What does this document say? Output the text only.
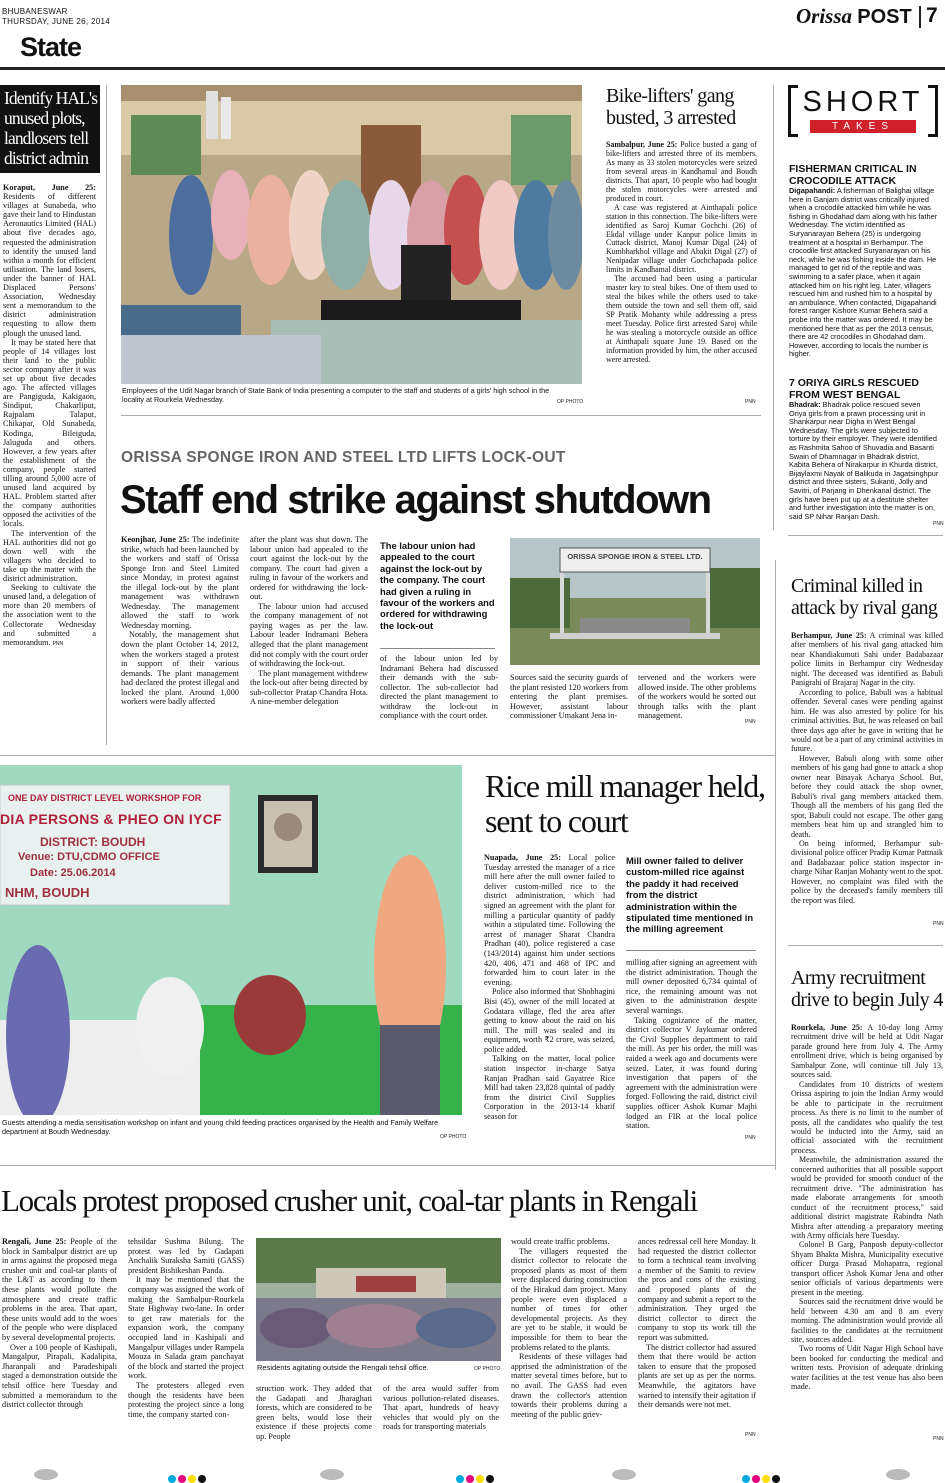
BHUBANESWAR
THURSDAY, JUNE 26, 2014
State
Orissa POST 7
Identify HAL's unused plots, landlosers tell district admin

Koraput, June 25: Residents of different villages at Sunabeda, who gave their land to Hindustan Aeronautics Limited (HAL) about five decades ago, requested the administration to identify the unused land within a month for efficient utilisation. The land losers, under the banner of HAL Displaced Persons' Association, Wednesday sent a memorandum to the district administration requesting to allow them plough the unused land.

It may be stated here that people of 14 villages lost their land to the public sector company after it was set up about five decades ago. The affected villages are Pangiguda, Kakigaon, Sindiput, Chakarliput, Rajpalam Talaput, Chikapar, Old Sunabeda, Kodinga, Bileiguda, Jaluguda and others. However, a few years after the establishment of the company, people started tilling around 5,000 acre of unused land acquired by HAL. Problem started after the company authorities opposed the activities of the locals.

The intervention of the HAL authorities did not go down well with the villagers who decided to take up the matter with the district administration.

Seeking to cultivate the unused land, a delegation of more than 20 members of the association went to the Collectorate Wednesday and submitted a memorandum. PNN

Employees of the Udit Nagar branch of State Bank of India presenting a computer to the staff and students of a girls' high school in the locality at Rourkela Wednesday.	OP PHOTO
Bike-lifters' gang busted, 3 arrested

Sambalpur, June 25: Police busted a gang of bike-lifters and arrested three of its members. As many as 33 stolen motorcycles were seized from several areas in Kandhamal and Boudh districts. That apart, 10 people who had bought the stolen motorcycles were arrested and produced in court.

A case was registered at Ainthapali police station in this connection. The bike-lifters were identified as Saroj Kumar Gochchi (26) of Ekdal village under Kanpur police limits in Cuttack district, Manoj Kumar Digal (24) of Kumbharkhol village and Abakit Digal (27) of Nenipadar village under Gochchapada police limits in Kandhamal district.

The accused had been using a particular master key to steal bikes. One of them used to steal the bikes while the others used to take them outside the town and sell them off, said SP Pratik Mohanty while addressing a press meet Tuesday. Police first arrested Saroj while he was stealing a motorcycle outside an office at Ainthapali square June 19. Based on the information provided by him, the other accused were arrested.

PNN
SHORT
TAKES
FISHERMAN CRITICAL IN CROCODILE ATTACK
Digapahandi: A fisherman of Balighai village here in Ganjam district was critically injured when a crocodile attacked him while he was fishing in Ghodahad dam along with his father Wednesday. The victim identified as Suryanarayan Behera (25) is undergoing treatment at a hospital in Berhampur. The crocodile first attacked Suryanarayan on his neck, while he was fishing inside the dam. He managed to get rid of the reptile and was swimming to a safer place, when it again attacked him on his right leg. Later, villagers rescued him and rushed him to a hospital by an ambulance. When contacted, Digapahandi forest ranger Kishore Kumar Behera said a probe into the matter was ordered. It may be mentioned here that as per the 2013 census, there are 42 crocodiles in Ghodahad dam. However, according to locals the number is higher.
7 ORIYA GIRLS RESCUED FROM WEST BENGAL
Bhadrak: Bhadrak police rescued seven Oriya girls from a prawn processing unit in Shankarpur near Digha in West Bengal Wednesday. The girls were subjected to torture by their employer. They were identified as Rashmita Sahoo of Shuvadia and Basanti Swain of Dhamnagar in Bhadrak district, Kabita Behera of Nirakarpur in Khurda district, Bijaylaxmi Nayak of Balikuda in Jagatsinghpur district and three sisters, Sukanti, Jolly and Savitri, of Parjang in Dhenkanal district. The girls have been put up at a destitute shelter and further investigation into the matter is on, said SP Nihar Ranjan Dash.
PNN
ORISSA SPONGE IRON AND STEEL LTD LIFTS LOCK-OUT
Staff end strike against shutdown

Keonjhar, June 25: The indefinite strike, which had been launched by the workers and staff of Orissa Sponge Iron and Steel Limited since Monday, in protest against the illegal lock-out by the plant management was withdrawn Wednesday. The management allowed the staff to work Wednesday morning.

Notably, the management shut down the plant October 14, 2012, when the workers staged a protest in support of their various demands. The plant management had declared the protest illegal and locked the plant. Around 1,000 workers were badly affected

after the plant was shut down. The labour union had appealed to the court against the lock-out by the company. The court had given a ruling in favour of the workers and ordered for withdrawing the lock-out.

The labour union had accused the company management of not paying wages as per the law. Labour leader Indramani Behera alleged that the plant management did not comply with the court order of withdrawing the lock-out.

The plant management withdrew the lock-out after being directed by sub-collector Pratap Chandra Hota. A nine-member delegation

The labour union had appealed to the court against the lock-out by the company. The court had given a ruling in favour of the workers and ordered for withdrawing the lock-out

of the labour union led by Indramani Behera had discussed their demands with the sub-collector. The sub-collector had directed the plant management to withdraw the lock-out in compliance with the court order.

ORISSA SPONGE IRON & STEEL LTD.

Sources said the security guards of the plant resisted 120 workers from entering the plant premises. However, assistant labour commissioner Umakant Jena in-

tervened and the workers were allowed inside. The other problems of the workers would be sorted out through talks with the plant management.

PNN
Criminal killed in attack by rival gang

Berhampur, June 25: A criminal was killed after members of his rival gang attacked him near Khandiakumuti Sahi under Badabazaar police limits in Berhampur city Wednesday night. The deceased was identified as Babuli Panigrahi of Brajaraj Nagar in the city.

According to police, Babuli was a habitual offender. Several cases were pending against him. He was also arrested by police for his criminal activities. But, he was released on bail three days ago after he gave in writing that he would not be a part of any criminal activities in future.

However, Babuli along with some other members of his gang had gone to attack a shop owner near Binayak Acharya School. But, before they could attack the shop owner, Babuli's rival gang members attacked them. Though all the members of his gang fled the spot, Babuli could not escape. The other gang members beat him up and strangled him to death.

On being informed, Berhampur sub-divisional police officer Pradip Kumar Pattnaik and Badabazaar police station inspector in-charge Nihar Ranjan Mohanty went to the spot. However, no complaint was filed with the police by the deceased's family members till the report was filed.

PNN
ONE DAY DISTRICT LEVEL WORKSHOP FOR
DIA PERSONS & PHEO ON IYCF
DISTRICT: BOUDH
Venue: DTU,CDMO OFFICE
Date: 25.06.2014
NHM, BOUDH
Guests attending a media sensitisation workshop on infant and young child feeding practices organised by the Health and Family Welfare department at Boudh Wednesday.
OP PHOTO
Rice mill manager held, sent to court

Nuapada, June 25: Local police Tuesday arrested the manager of a rice mill here after the mill owner failed to deliver custom-milled rice to the district administration, which had signed an agreement with the plant for milling a particular quantity of paddy within a stipulated time. Following the arrest of manager Sharat Chandra Pradhan (40), police registered a case (143/2014) against him under sections 420, 406, 471 and 468 of IPC and forwarded him to court later in the evening.

Police also informed that Shobhagini Bisi (45), owner of the mill located at Godatara village, fled the area after getting to know about the raid on his mill. The mill was sealed and its equipment, worth ₹2 crore, was seized, police added.

Talking on the matter, local police station inspector in-charge Satya Ranjan Pradhan said Gayatree Rice Mill had taken 23,828 quintal of paddy from the district Civil Supplies Corporation in the 2013-14 kharif season for

Mill owner failed to deliver custom-milled rice against the paddy it had received from the district administration within the stipulated time mentioned in the milling agreement

milling after signing an agreement with the district administration. Though the mill owner deposited 6,734 quintal of rice, the remaining amount was not given to the administration despite several warnings.

Taking cognizance of the matter, district collector V Jaykumar ordered the Civil Supplies department to raid the mill. As per his order, the mill was raided a week ago and documents were seized. Later, it was found during investigation that papers of the agreement with the administration were forged. Following the raid, district civil supplies officer Ashok Kumar Majhi lodged an FIR at the local police station.

PNN
Army recruitment drive to begin July 4

Rourkela, June 25: A 10-day long Army recruitment drive will be held at Udit Nagar parade ground here from July 4. The Army enrollment drive, which is being organised by Sambalpur Zone, will continue till July 13, sources said.

Candidates from 10 districts of western Orissa aspiring to join the Indian Army would be able to participate in the recruitment process. As there is no limit to the number of posts, all the candidates who qualify the test would be inducted into the Army, said an official associated with the recruitment process.

Meanwhile, the administration assured the concerned authorities that all possible support would be provided for smooth conduct of the recruitment drive. "The administration has made elaborate arrangements for smooth conduct of the recruitment process," said additional district magistrate Rabindra Nath Mishra after attending a preparatory meeting with Army officials here Tuesday.

Colonel B Garg, Panposh deputy-collector Shyam Bhakta Mishra, Municipality executive officer Durga Prasad Mohapatra, regional transport officer Ashok Kumar Jena and other senior officials of various departments were present in the meeting.

Sources said the recruitment drive would be held between 4.30 am and 8 am every morning. The administration would provide all facilities to the candidates at the recruitment site, sources added.

Two rooms of Udit Nagar High School have been booked for conducting the medical and written tests. Provision of adequate drinking water facilities at the test venue has also been made.

PNN
Locals protest proposed crusher unit, coal-tar plants in Rengali

Rengali, June 25: People of the block in Sambalpur district are up in arms against the proposed mega crusher unit and coal-tar plants of the L&T as according to them these plants would pollute the atmosphere and create traffic problems in the area. That apart, these units would add to the woes of the people who were displaced by several developmental projects.

Over a 100 people of Kashipali, Mangalpur, Pirapali, Kadalipita, Jharanpali and Paradeshipali staged a demonstration outside the tehsil office here Tuesday and submitted a memorandum to the district collector through

tehsildar Sushma Bilung. The protest was led by Gadapati Anchalik Suraksha Samiti (GASS) president Bishikeshan Panda.

It may be mentioned that the company was assigned the work of making the Sambalpur-Rourkela State Highway two-lane. In order to get raw materials for the expansion work, the company occupied land in Kashipali and Mangalpur villages under Rampela Mouza in Salada gram panchayat of the block and started the project work.

The protesters alleged even though the residents have been protesting the project since a long time, the company started con-

Residents agitating outside the Rengali tehsil office.	OP PHOTO

struction work. They added that the Gadapati and Jharaghati forests, which are considered to be green belts, would lose their existence if these projects come up. People

of the area would suffer from various pollution-related diseases. That apart, hundreds of heavy vehicles that would ply on the roads for transporting materials

would create traffic problems.

The villagers requested the district collector to relocate the proposed plants as most of them were displaced during construction of the Hirakud dam project. Many people were even displaced a number of times for other developmental projects. As they are yet to be stable, it would be impossible for them to bear the problems related to the plants.

Residents of these villages had apprised the administration of the matter several times before, but to no avail. The GASS had even drawn the collector's attention towards their problems during a meeting of the public griev-

ances redressal cell here Monday. It had requested the district collector to form a technical team involving a member of the Samiti to review the pros and cons of the existing and proposed plants of the company and submit a report to the administration. They urged the district collector to direct the company to stop its work till the report was submitted.

The district collector had assured them that there would be action taken to ensure that the proposed plants are set up as per the norms. Meanwhile, the agitators have warned to intensify their agitation if their demands were not met.

PNN
